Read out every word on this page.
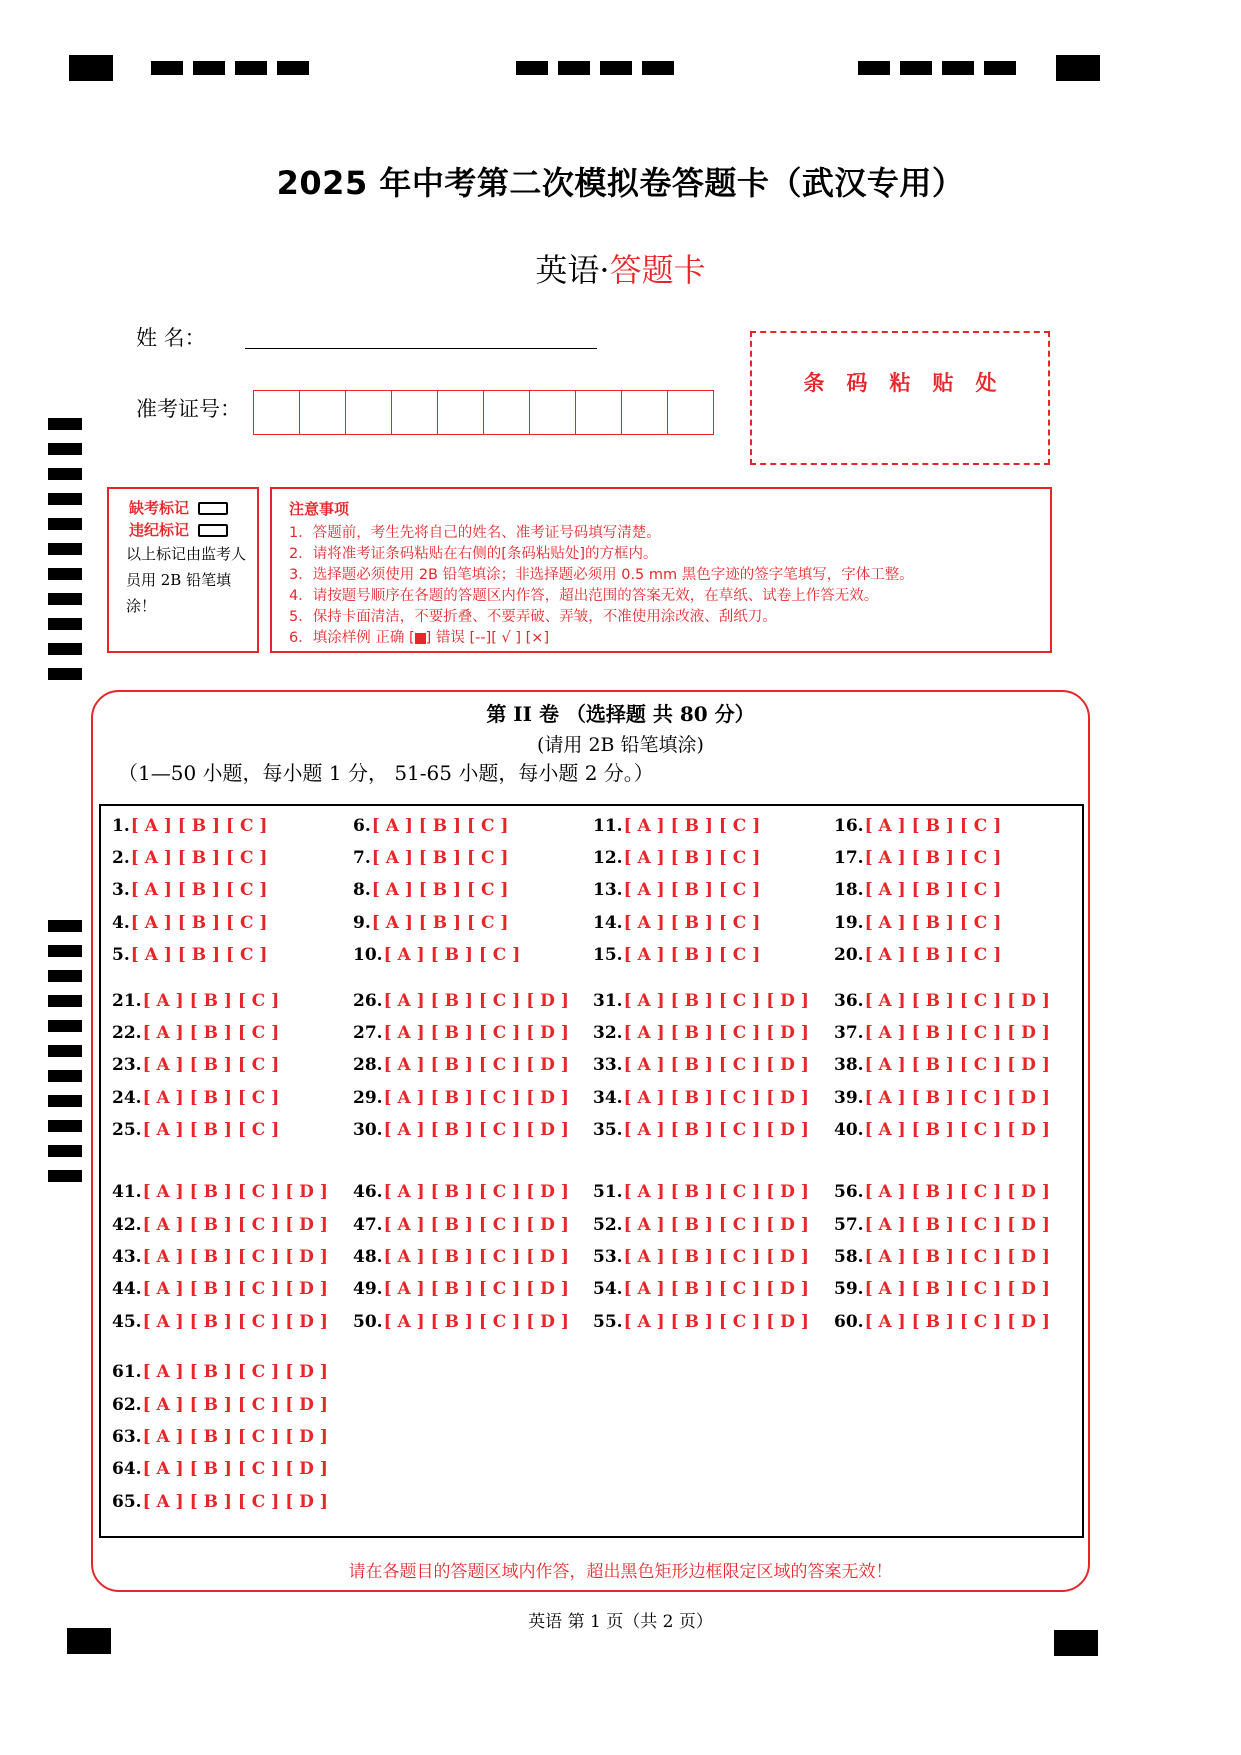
2025 年中考第二次模拟卷答题卡（武汉专用）
英语·答题卡
姓 名：
准考证号：
条码粘贴处
缺考标记
违纪标记
以上标记由监考人员用 2B 铅笔填涂！
注意事项
1．答题前，考生先将自己的姓名、准考证号码填写清楚。
2．请将准考证条码粘贴在右侧的[条码粘贴处]的方框内。
3．选择题必须使用 2B 铅笔填涂；非选择题必须用 0.5 mm 黑色字迹的签字笔填写，字体工整。
4．请按题号顺序在各题的答题区内作答，超出范围的答案无效，在草纸、试卷上作答无效。
5．保持卡面清洁，不要折叠、不要弄破、弄皱，不准使用涂改液、刮纸刀。
6．填涂样例 正确 [ ] 错误 [--][ √ ] [×]
第 II 卷 （选择题 共 80 分）
(请用 2B 铅笔填涂)
（1—50 小题，每小题 1 分， 51-65 小题，每小题 2 分。）
1.[ A ] [ B ] [ C ]
2.[ A ] [ B ] [ C ]
3.[ A ] [ B ] [ C ]
4.[ A ] [ B ] [ C ]
5.[ A ] [ B ] [ C ]
6.[ A ] [ B ] [ C ]
7.[ A ] [ B ] [ C ]
8.[ A ] [ B ] [ C ]
9.[ A ] [ B ] [ C ]
10.[ A ] [ B ] [ C ]
11.[ A ] [ B ] [ C ]
12.[ A ] [ B ] [ C ]
13.[ A ] [ B ] [ C ]
14.[ A ] [ B ] [ C ]
15.[ A ] [ B ] [ C ]
16.[ A ] [ B ] [ C ]
17.[ A ] [ B ] [ C ]
18.[ A ] [ B ] [ C ]
19.[ A ] [ B ] [ C ]
20.[ A ] [ B ] [ C ]
21.[ A ] [ B ] [ C ]
22.[ A ] [ B ] [ C ]
23.[ A ] [ B ] [ C ]
24.[ A ] [ B ] [ C ]
25.[ A ] [ B ] [ C ]
26.[ A ] [ B ] [ C ] [ D ]
27.[ A ] [ B ] [ C ] [ D ]
28.[ A ] [ B ] [ C ] [ D ]
29.[ A ] [ B ] [ C ] [ D ]
30.[ A ] [ B ] [ C ] [ D ]
31.[ A ] [ B ] [ C ] [ D ]
32.[ A ] [ B ] [ C ] [ D ]
33.[ A ] [ B ] [ C ] [ D ]
34.[ A ] [ B ] [ C ] [ D ]
35.[ A ] [ B ] [ C ] [ D ]
36.[ A ] [ B ] [ C ] [ D ]
37.[ A ] [ B ] [ C ] [ D ]
38.[ A ] [ B ] [ C ] [ D ]
39.[ A ] [ B ] [ C ] [ D ]
40.[ A ] [ B ] [ C ] [ D ]
41.[ A ] [ B ] [ C ] [ D ]
42.[ A ] [ B ] [ C ] [ D ]
43.[ A ] [ B ] [ C ] [ D ]
44.[ A ] [ B ] [ C ] [ D ]
45.[ A ] [ B ] [ C ] [ D ]
46.[ A ] [ B ] [ C ] [ D ]
47.[ A ] [ B ] [ C ] [ D ]
48.[ A ] [ B ] [ C ] [ D ]
49.[ A ] [ B ] [ C ] [ D ]
50.[ A ] [ B ] [ C ] [ D ]
51.[ A ] [ B ] [ C ] [ D ]
52.[ A ] [ B ] [ C ] [ D ]
53.[ A ] [ B ] [ C ] [ D ]
54.[ A ] [ B ] [ C ] [ D ]
55.[ A ] [ B ] [ C ] [ D ]
56.[ A ] [ B ] [ C ] [ D ]
57.[ A ] [ B ] [ C ] [ D ]
58.[ A ] [ B ] [ C ] [ D ]
59.[ A ] [ B ] [ C ] [ D ]
60.[ A ] [ B ] [ C ] [ D ]
61.[ A ] [ B ] [ C ] [ D ]
62.[ A ] [ B ] [ C ] [ D ]
63.[ A ] [ B ] [ C ] [ D ]
64.[ A ] [ B ] [ C ] [ D ]
65.[ A ] [ B ] [ C ] [ D ]
请在各题目的答题区域内作答，超出黑色矩形边框限定区域的答案无效！
英语 第 1 页（共 2 页）
